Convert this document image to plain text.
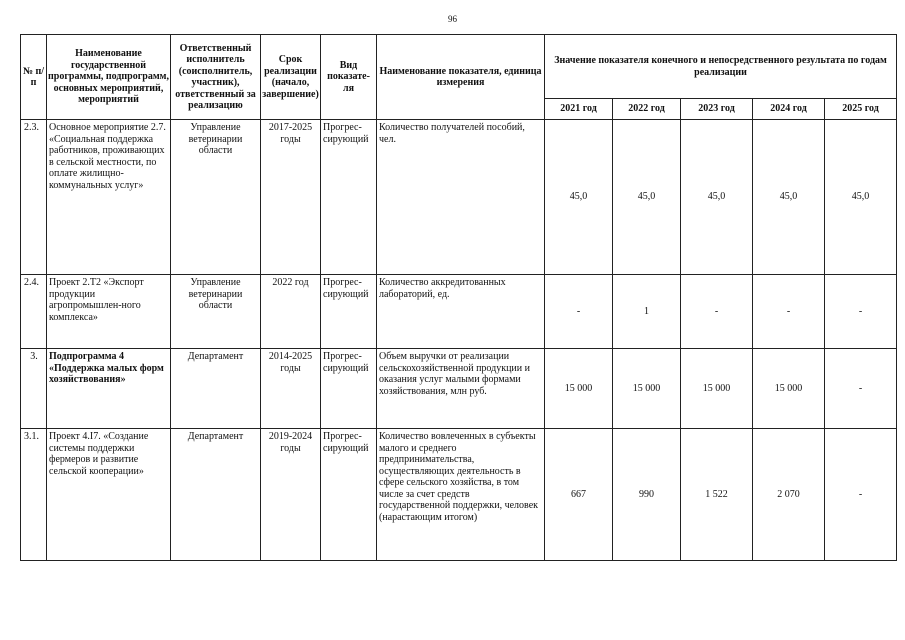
96
№ п/п	Наименование государственной программы, подпрограмм, основных мероприятий, мероприятий	Ответственный исполнитель (соисполнитель, участник), ответственный за реализацию	Срок реализации (начало, завершение)	Вид показате-ля	Наименование показателя, единица измерения	Значение показателя конечного и непосредственного результата по годам реализации				
						2021 год	2022 год	2023 год	2024 год	2025 год
2.3.	Основное мероприятие 2.7. «Социальная поддержка работников, проживающих в сельской местности, по оплате жилищно-коммунальных услуг»	Управление ветеринарии области	2017-2025 годы	Прогрес-сирующий	Количество получателей пособий, чел.	45,0	45,0	45,0	45,0	45,0
2.4.	Проект 2.Т2 «Экспорт продукции агропромышлен-ного комплекса»	Управление ветеринарии области	2022 год	Прогрес-сирующий	Количество аккредитованных лабораторий, ед.	-	1	-	-	-
3.	Подпрограмма 4 «Поддержка малых форм хозяйствования»	Департамент	2014-2025 годы	Прогрес-сирующий	Объем выручки от реализации сельскохозяйственной продукции и оказания услуг малыми формами хозяйствования, млн руб.	15 000	15 000	15 000	15 000	-
3.1.	Проект 4.I7. «Создание системы поддержки фермеров и развитие сельской кооперации»	Департамент	2019-2024 годы	Прогрес-сирующий	Количество вовлеченных в субъекты малого и среднего предпринимательства, осуществляющих деятельность в сфере сельского хозяйства, в том числе за счет средств государственной поддержки, человек (нарастающим итогом)	667	990	1 522	2 070	-
